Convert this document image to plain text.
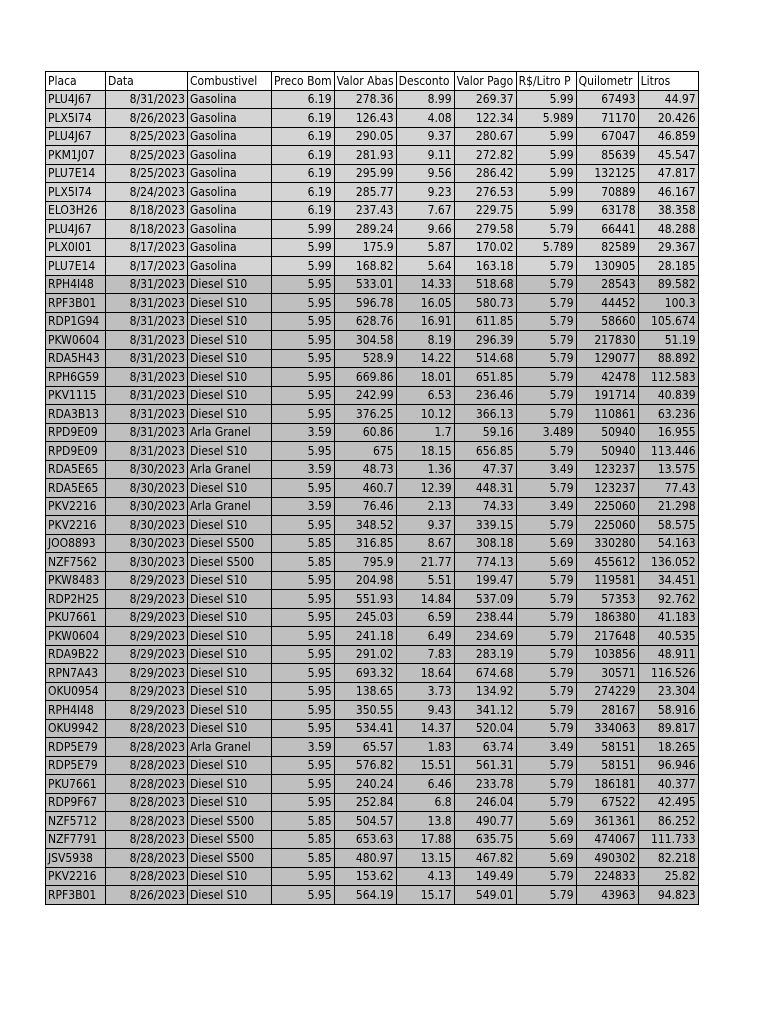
Placa	Data	Combustivel	Preco Bom	Valor Abas	Desconto	Valor Pago	R$/Litro P	Quilometr	Litros
PLU4J67	8/31/2023	Gasolina	6.19	278.36	8.99	269.37	5.99	67493	44.97
PLX5I74	8/26/2023	Gasolina	6.19	126.43	4.08	122.34	5.989	71170	20.426
PLU4J67	8/25/2023	Gasolina	6.19	290.05	9.37	280.67	5.99	67047	46.859
PKM1J07	8/25/2023	Gasolina	6.19	281.93	9.11	272.82	5.99	85639	45.547
PLU7E14	8/25/2023	Gasolina	6.19	295.99	9.56	286.42	5.99	132125	47.817
PLX5I74	8/24/2023	Gasolina	6.19	285.77	9.23	276.53	5.99	70889	46.167
ELO3H26	8/18/2023	Gasolina	6.19	237.43	7.67	229.75	5.99	63178	38.358
PLU4J67	8/18/2023	Gasolina	5.99	289.24	9.66	279.58	5.79	66441	48.288
PLX0I01	8/17/2023	Gasolina	5.99	175.9	5.87	170.02	5.789	82589	29.367
PLU7E14	8/17/2023	Gasolina	5.99	168.82	5.64	163.18	5.79	130905	28.185
RPH4I48	8/31/2023	Diesel S10	5.95	533.01	14.33	518.68	5.79	28543	89.582
RPF3B01	8/31/2023	Diesel S10	5.95	596.78	16.05	580.73	5.79	44452	100.3
RDP1G94	8/31/2023	Diesel S10	5.95	628.76	16.91	611.85	5.79	58660	105.674
PKW0604	8/31/2023	Diesel S10	5.95	304.58	8.19	296.39	5.79	217830	51.19
RDA5H43	8/31/2023	Diesel S10	5.95	528.9	14.22	514.68	5.79	129077	88.892
RPH6G59	8/31/2023	Diesel S10	5.95	669.86	18.01	651.85	5.79	42478	112.583
PKV1115	8/31/2023	Diesel S10	5.95	242.99	6.53	236.46	5.79	191714	40.839
RDA3B13	8/31/2023	Diesel S10	5.95	376.25	10.12	366.13	5.79	110861	63.236
RPD9E09	8/31/2023	Arla Granel	3.59	60.86	1.7	59.16	3.489	50940	16.955
RPD9E09	8/31/2023	Diesel S10	5.95	675	18.15	656.85	5.79	50940	113.446
RDA5E65	8/30/2023	Arla Granel	3.59	48.73	1.36	47.37	3.49	123237	13.575
RDA5E65	8/30/2023	Diesel S10	5.95	460.7	12.39	448.31	5.79	123237	77.43
PKV2216	8/30/2023	Arla Granel	3.59	76.46	2.13	74.33	3.49	225060	21.298
PKV2216	8/30/2023	Diesel S10	5.95	348.52	9.37	339.15	5.79	225060	58.575
JOO8893	8/30/2023	Diesel S500	5.85	316.85	8.67	308.18	5.69	330280	54.163
NZF7562	8/30/2023	Diesel S500	5.85	795.9	21.77	774.13	5.69	455612	136.052
PKW8483	8/29/2023	Diesel S10	5.95	204.98	5.51	199.47	5.79	119581	34.451
RDP2H25	8/29/2023	Diesel S10	5.95	551.93	14.84	537.09	5.79	57353	92.762
PKU7661	8/29/2023	Diesel S10	5.95	245.03	6.59	238.44	5.79	186380	41.183
PKW0604	8/29/2023	Diesel S10	5.95	241.18	6.49	234.69	5.79	217648	40.535
RDA9B22	8/29/2023	Diesel S10	5.95	291.02	7.83	283.19	5.79	103856	48.911
RPN7A43	8/29/2023	Diesel S10	5.95	693.32	18.64	674.68	5.79	30571	116.526
OKU0954	8/29/2023	Diesel S10	5.95	138.65	3.73	134.92	5.79	274229	23.304
RPH4I48	8/29/2023	Diesel S10	5.95	350.55	9.43	341.12	5.79	28167	58.916
OKU9942	8/28/2023	Diesel S10	5.95	534.41	14.37	520.04	5.79	334063	89.817
RDP5E79	8/28/2023	Arla Granel	3.59	65.57	1.83	63.74	3.49	58151	18.265
RDP5E79	8/28/2023	Diesel S10	5.95	576.82	15.51	561.31	5.79	58151	96.946
PKU7661	8/28/2023	Diesel S10	5.95	240.24	6.46	233.78	5.79	186181	40.377
RDP9F67	8/28/2023	Diesel S10	5.95	252.84	6.8	246.04	5.79	67522	42.495
NZF5712	8/28/2023	Diesel S500	5.85	504.57	13.8	490.77	5.69	361361	86.252
NZF7791	8/28/2023	Diesel S500	5.85	653.63	17.88	635.75	5.69	474067	111.733
JSV5938	8/28/2023	Diesel S500	5.85	480.97	13.15	467.82	5.69	490302	82.218
PKV2216	8/28/2023	Diesel S10	5.95	153.62	4.13	149.49	5.79	224833	25.82
RPF3B01	8/26/2023	Diesel S10	5.95	564.19	15.17	549.01	5.79	43963	94.823
